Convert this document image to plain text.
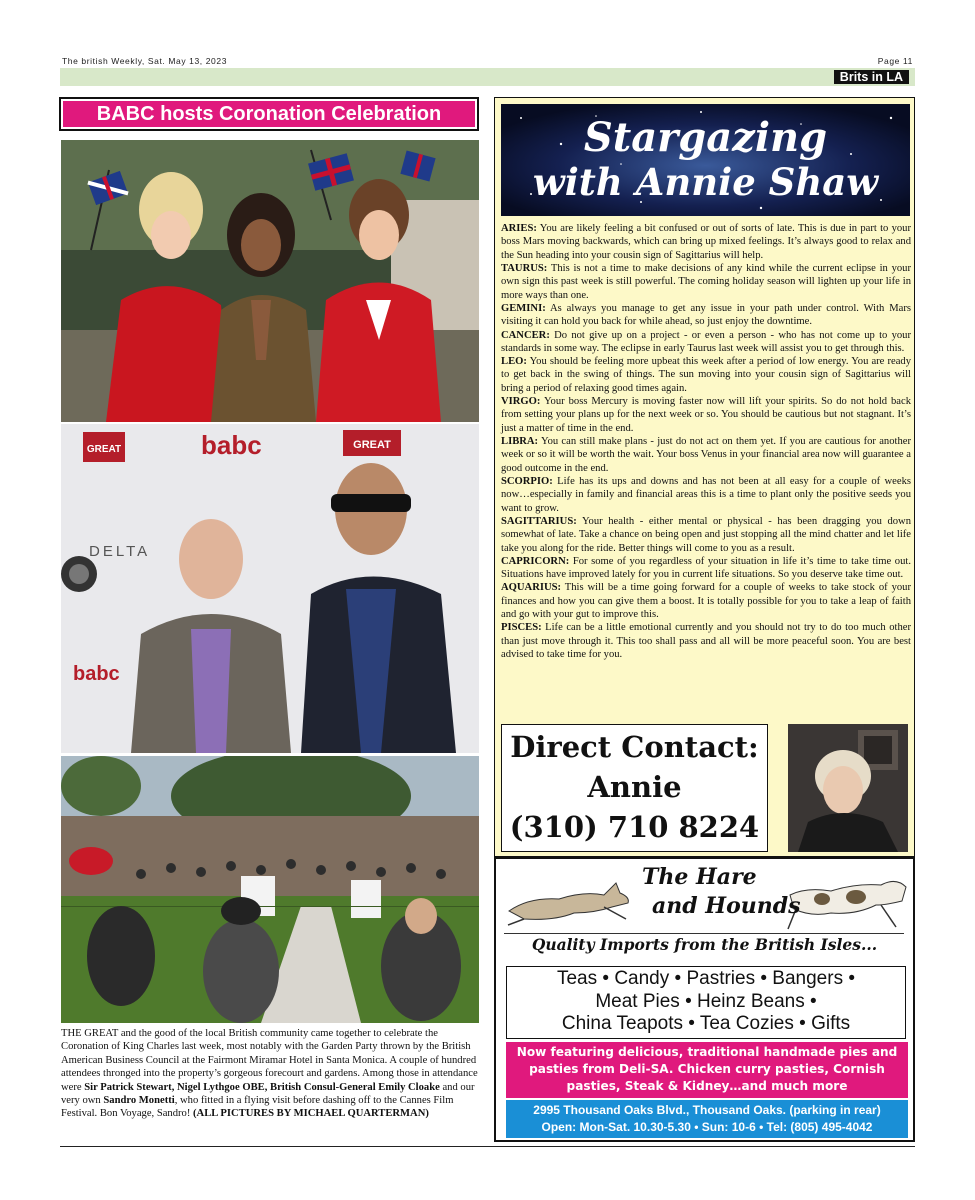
The british Weekly, Sat. May 13, 2023	Page 11
Brits in LA
BABC hosts Coronation Celebration
GREAT	babc	GREAT
DELTA
babc

THE GREAT and the good of the local British community came together to celebrate the Coronation of King Charles last week, most notably with the Garden Party thrown by the British American Business Council at the Fairmont Miramar Hotel in Santa Monica. A couple of hundred attendees thronged into the property’s gorgeous forecourt and gardens. Among those in attendance were Sir Patrick Stewart, Nigel Lythgoe OBE, British Consul-General Emily Cloake and our very own Sandro Monetti, who fitted in a flying visit before dashing off to the Cannes Film Festival. Bon Voyage, Sandro! (ALL PICTURES BY MICHAEL QUARTERMAN)

Stargazing
with Annie Shaw

ARIES: You are likely feeling a bit confused or out of sorts of late. This is due in part to your boss Mars moving backwards, which can bring up mixed feelings. It’s always good to relax and the Sun heading into your cousin sign of Sagittarius will help.

TAURUS: This is not a time to make decisions of any kind while the current eclipse in your own sign this past week is still powerful. The coming holiday season will lighten up your life in more ways than one.

GEMINI: As always you manage to get any issue in your path under control. With Mars visiting it can hold you back for while ahead, so just enjoy the downtime.

CANCER: Do not give up on a project - or even a person - who has not come up to your standards in some way. The eclipse in early Taurus last week will assist you to get through this.

LEO: You should be feeling more upbeat this week after a period of low energy. You are ready to get back in the swing of things. The sun moving into your cousin sign of Sagittarius will bring a period of relaxing good times again.

VIRGO: Your boss Mercury is moving faster now will lift your spirits. So do not hold back from setting your plans up for the next week or so. You should be cautious but not stagnant. It’s just a matter of time in the end.

LIBRA: You can still make plans - just do not act on them yet. If you are cautious for another week or so it will be worth the wait. Your boss Venus in your financial area now will guarantee a good outcome in the end.

SCORPIO: Life has its ups and downs and has not been at all easy for a couple of weeks now…especially in family and financial areas this is a time to plant only the positive seeds you want to grow.

SAGITTARIUS: Your health - either mental or physical - has been dragging you down somewhat of late. Take a chance on being open and just stopping all the mind chatter and let life take you along for the ride. Better things will come to you as a result.

CAPRICORN: For some of you regardless of your situation in life it’s time to take time out. Situations have improved lately for you in current life situations. So you deserve take time out.

AQUARIUS: This will be a time going forward for a couple of weeks to take stock of your finances and how you can give them a boost. It is totally possible for you to take a leap of faith and go with your gut to improve this.

PISCES: Life can be a little emotional currently and you should not try to do too much other than just move through it. This too shall pass and all will be more peaceful soon. You are best advised to take time for you.

Direct Contact:
Annie
(310) 710 8224
The Hare
and Hounds
Quality Imports from the British Isles...
Teas • Candy • Pastries • Bangers •
Meat Pies • Heinz Beans •
China Teapots • Tea Cozies • Gifts
Now featuring delicious, traditional handmade pies and
pasties from Deli-SA. Chicken curry pasties, Cornish
pasties, Steak & Kidney…and much more
2995 Thousand Oaks Blvd., Thousand Oaks. (parking in rear)
Open: Mon-Sat. 10.30-5.30 • Sun: 10-6 • Tel: (805) 495-4042
